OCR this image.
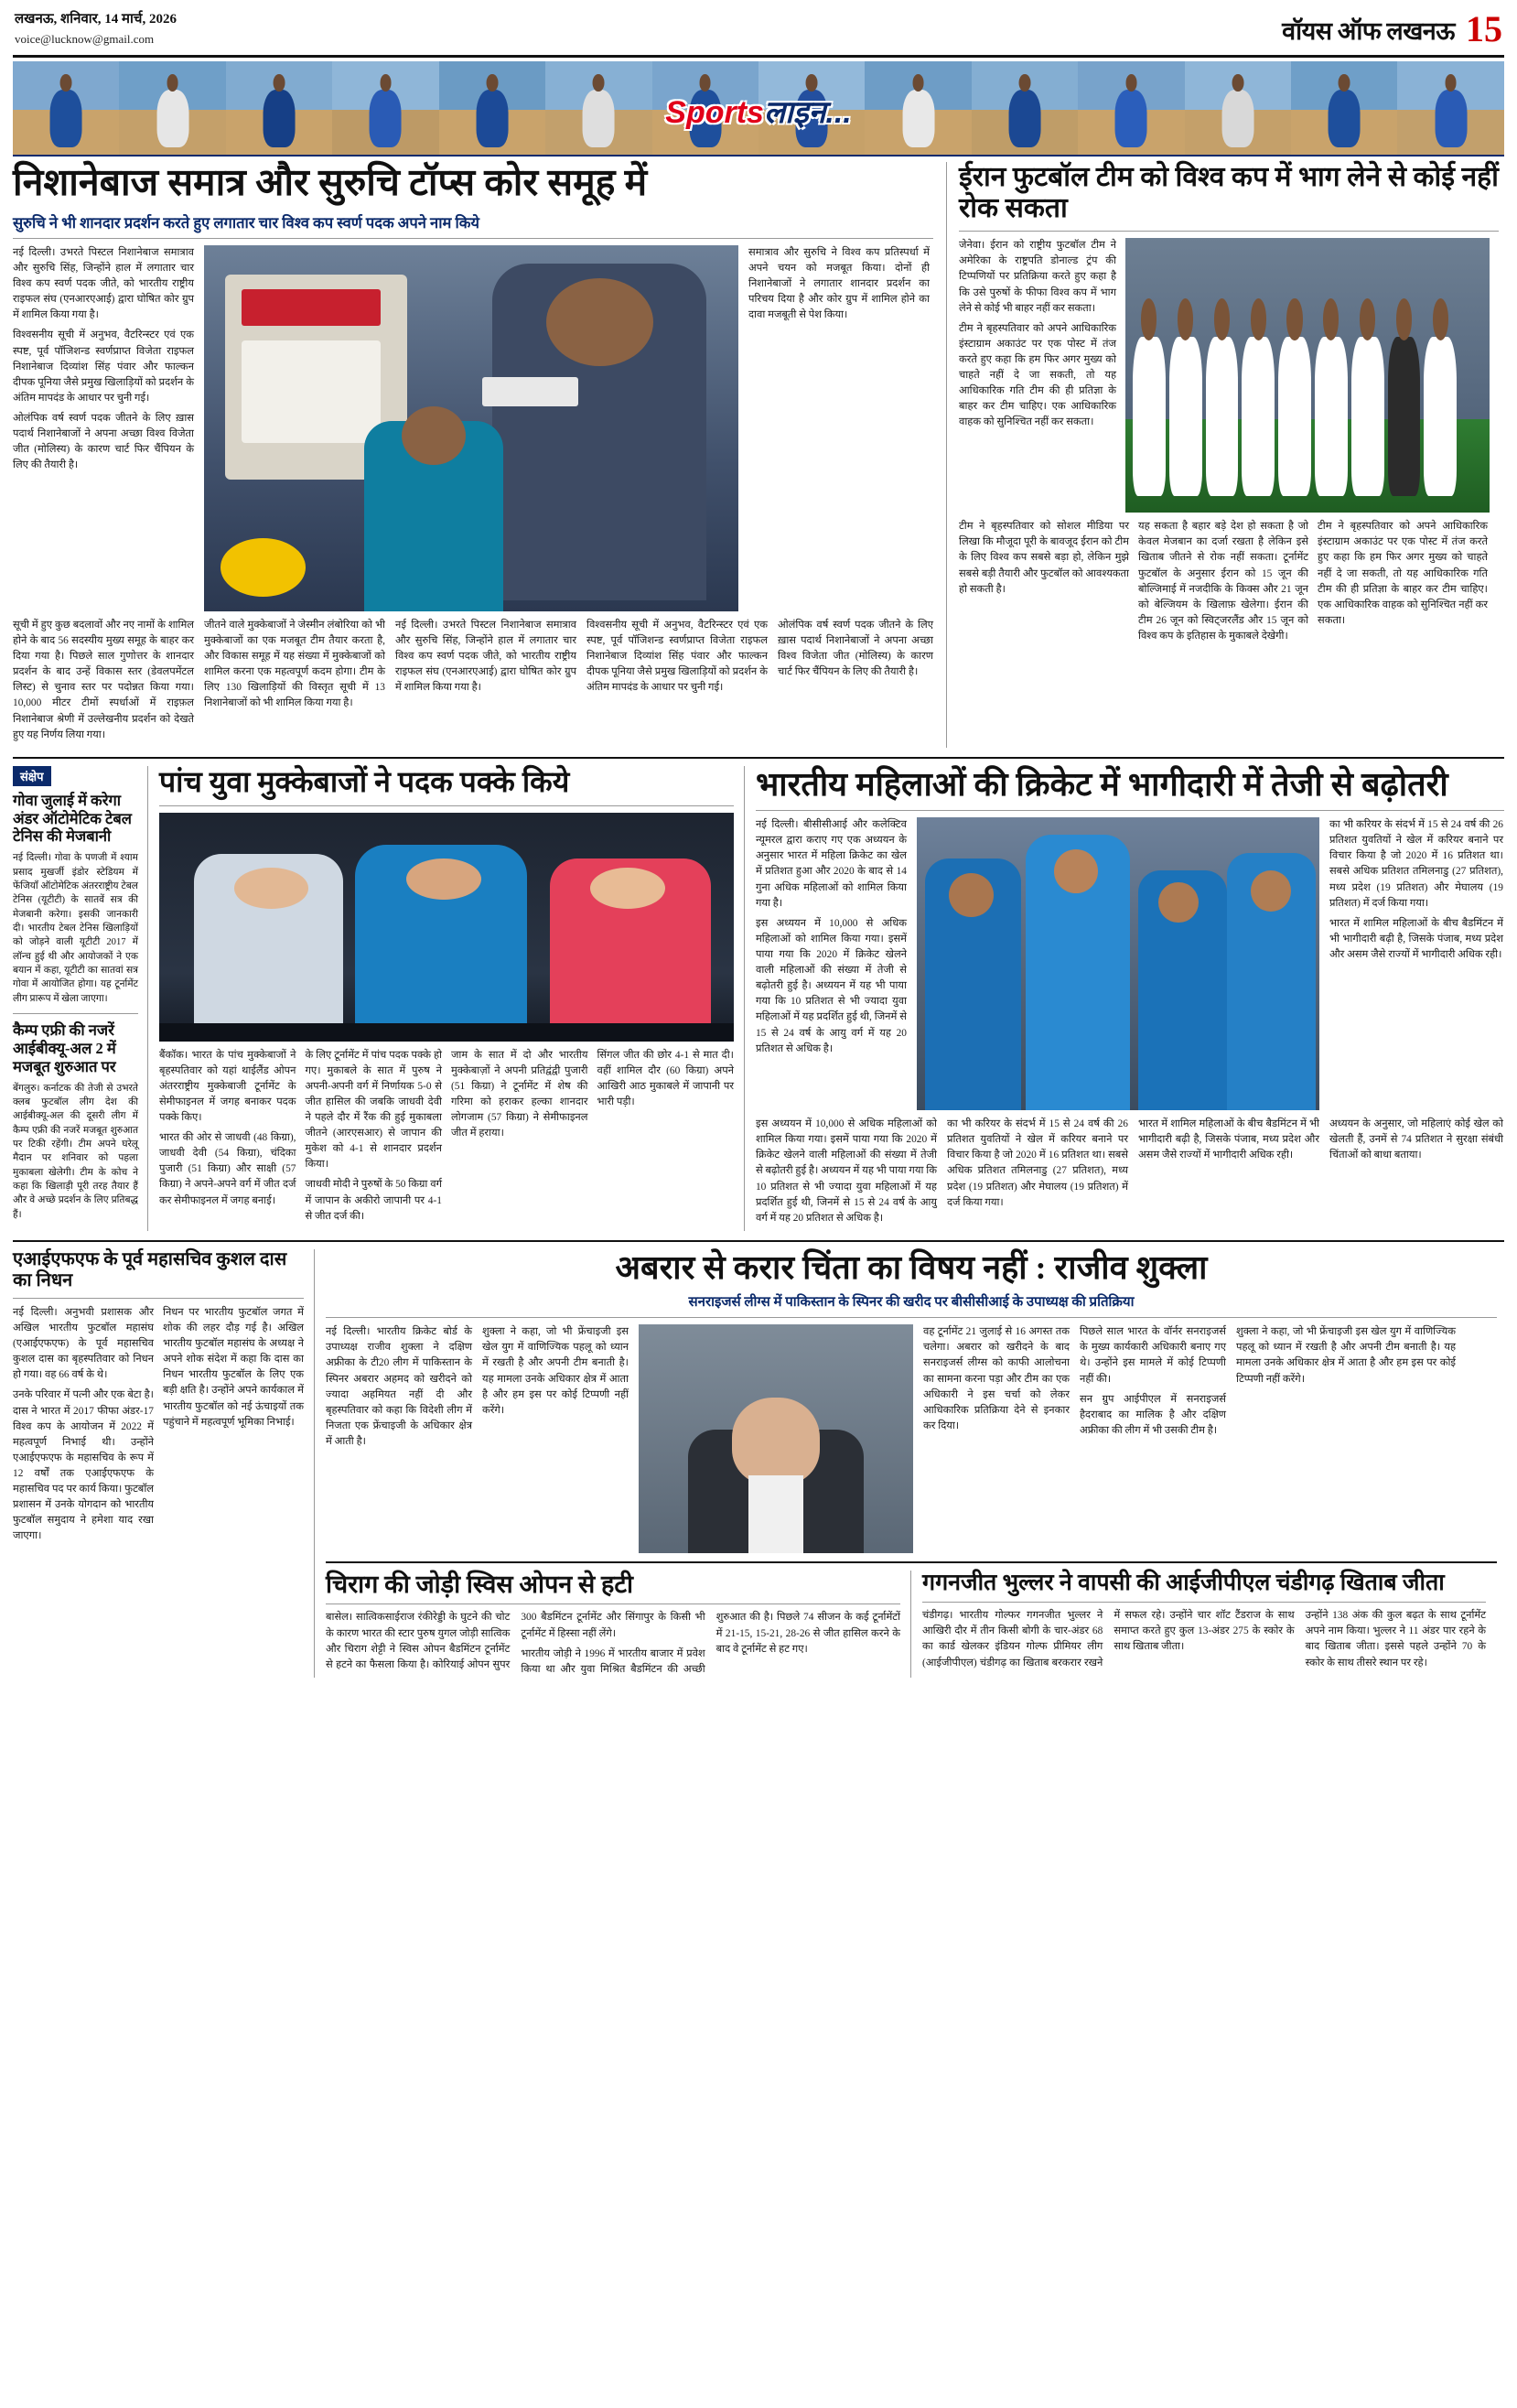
लखनऊ, शनिवार, 14 मार्च, 2026
voice@lucknow@gmail.com	वॉयस ऑफ लखनऊ 15
Sportsलाइन...
निशानेबाज समात्र और सुरुचि टॉप्स कोर समूह में
सुरुचि ने भी शानदार प्रदर्शन करते हुए लगातार चार विश्व कप स्वर्ण पदक अपने नाम किये

नई दिल्ली। उभरते पिस्टल निशानेबाज समात्राव और सुरुचि सिंह, जिन्होंने हाल में लगातार चार विश्व कप स्वर्ण पदक जीते, को भारतीय राष्ट्रीय राइफल संघ (एनआरएआई) द्वारा घोषित कोर ग्रुप में शामिल किया गया है।

विश्वसनीय सूची में अनुभव, वैटरिन्स्टर एवं एक स्पष्ट, पूर्व पॉजिशन्ड स्वर्णप्राप्त विजेता राइफल निशानेबाज दिव्यांश सिंह पंवार और फाल्कन दीपक पूनिया जैसे प्रमुख खिलाड़ियों को प्रदर्शन के अंतिम मापदंड के आधार पर चुनी गई।

ओलंपिक वर्ष स्वर्ण पदक जीतने के लिए ख़ास पदार्थ निशानेबाजों ने अपना अच्छा विश्व विजेता जीत (मोलिस्य) के कारण चार्ट फिर चैंपियन के लिए की तैयारी है।

समात्राव और सुरुचि ने विश्व कप प्रतिस्पर्धा में अपने चयन को मजबूत किया। दोनों ही निशानेबाजों ने लगातार शानदार प्रदर्शन का परिचय दिया है और कोर ग्रुप में शामिल होने का दावा मजबूती से पेश किया।

सूची में हुए कुछ बदलावों और नए नामों के शामिल होने के बाद 56 सदस्यीय मुख्य समूह के बाहर कर दिया गया है। पिछले साल गुणोत्तर के शानदार प्रदर्शन के बाद उन्हें विकास स्तर (डेवलपमेंटल लिस्ट) से चुनाव स्तर पर पदोन्नत किया गया। 10,000 मीटर टीमों स्पर्धाओं में राइफ़ल निशानेबाज श्रेणी में उल्लेखनीय प्रदर्शन को देखते हुए यह निर्णय लिया गया।

जीतने वाले मुक्केबाजों ने जेस्मीन लंबोरिया को भी मुक्केबाजों का एक मजबूत टीम तैयार करता है, और विकास समूह में यह संख्या में मुक्केबाजों को शामिल करना एक महत्वपूर्ण कदम होगा। टीम के लिए 130 खिलाड़ियों की विस्तृत सूची में 13 निशानेबाजों को भी शामिल किया गया है।

नई दिल्ली। उभरते पिस्टल निशानेबाज समात्राव और सुरुचि सिंह, जिन्होंने हाल में लगातार चार विश्व कप स्वर्ण पदक जीते, को भारतीय राष्ट्रीय राइफल संघ (एनआरएआई) द्वारा घोषित कोर ग्रुप में शामिल किया गया है।

विश्वसनीय सूची में अनुभव, वैटरिन्स्टर एवं एक स्पष्ट, पूर्व पॉजिशन्ड स्वर्णप्राप्त विजेता राइफल निशानेबाज दिव्यांश सिंह पंवार और फाल्कन दीपक पूनिया जैसे प्रमुख खिलाड़ियों को प्रदर्शन के अंतिम मापदंड के आधार पर चुनी गई।

ओलंपिक वर्ष स्वर्ण पदक जीतने के लिए ख़ास पदार्थ निशानेबाजों ने अपना अच्छा विश्व विजेता जीत (मोलिस्य) के कारण चार्ट फिर चैंपियन के लिए की तैयारी है।

ईरान फुटबॉल टीम को विश्व कप में भाग लेने से कोई नहीं रोक सकता

जेनेवा। ईरान को राष्ट्रीय फुटबॉल टीम ने अमेरिका के राष्ट्रपति डोनाल्ड ट्रंप की टिप्पणियों पर प्रतिक्रिया करते हुए कहा है कि उसे पुरुषों के फीफा विश्व कप में भाग लेने से कोई भी बाहर नहीं कर सकता।

टीम ने बृहस्पतिवार को अपने आधिकारिक इंस्टाग्राम अकाउंट पर एक पोस्ट में तंज करते हुए कहा कि हम फिर अगर मुख्य को चाहते नहीं दे जा सकती, तो यह आधिकारिक गति टीम की ही प्रतिज्ञा के बाहर कर टीम चाहिए। एक आधिकारिक वाहक को सुनिश्चित नहीं कर सकता।

टीम ने बृहस्पतिवार को सोशल मीडिया पर लिखा कि मौजूदा पूरी के बावजूद ईरान को टीम के लिए विश्व कप सबसे बड़ा हो, लेकिन मुझे सबसे बड़ी तैयारी और फुटबॉल को आवश्यकता हो सकती है।

यह सकता है बहार बड़े देश हो सकता है जो केवल मेजबान का दर्जा रखता है लेकिन इसे खिताब जीतने से रोक नहीं सकता। टूर्नामेंट फुटबॉल के अनुसार ईरान को 15 जून की बोल्जिमाई में नजदीकि के किक्स और 21 जून को बेल्जियम के खिलाफ़ खेलेगा। ईरान की टीम 26 जून को स्विट्जरलैंड और 15 जून को विश्व कप के इतिहास के मुकाबले देखेगी।

टीम ने बृहस्पतिवार को अपने आधिकारिक इंस्टाग्राम अकाउंट पर एक पोस्ट में तंज करते हुए कहा कि हम फिर अगर मुख्य को चाहते नहीं दे जा सकती, तो यह आधिकारिक गति टीम की ही प्रतिज्ञा के बाहर कर टीम चाहिए। एक आधिकारिक वाहक को सुनिश्चित नहीं कर सकता।

संक्षेप
गोवा जुलाई में करेगा अंडर ऑटोमेटिक टेबल टेनिस की मेजबानी
नई दिल्ली। गोवा के पणजी में श्याम प्रसाद मुखर्जी इंडोर स्टेडियम में फेंजियाँ ऑटोमेटिक अंतरराष्ट्रीय टेबल टेनिस (यूटीटी) के सातवें सत्र की मेजबानी करेगा। इसकी जानकारी दी। भारतीय टेबल टेनिस खिलाड़ियों को जोड़ने वाली यूटीटी 2017 में लॉन्च हुई थी और आयोजकों ने एक बयान में कहा, यूटीटी का सातवां सत्र गोवा में आयोजित होगा। यह टूर्नामेंट लीग प्रारूप में खेला जाएगा।
कैम्प एफ्री की नजरें आईबीक्यू-अल 2 में मजबूत शुरुआत पर
बेंगलुरु। कर्नाटक की तेजी से उभरते क्लब फुटबॉल लीग देश की आईबीक्यू-अल की दूसरी लीग में कैम्प एफ्री की नजरें मजबूत शुरुआत पर टिकी रहेंगी। टीम अपने घरेलू मैदान पर शनिवार को पहला मुकाबला खेलेगी। टीम के कोच ने कहा कि खिलाड़ी पूरी तरह तैयार हैं और वे अच्छे प्रदर्शन के लिए प्रतिबद्ध हैं।
पांच युवा मुक्केबाजों ने पदक पक्के किये

बैंकॉक। भारत के पांच मुक्केबाजों ने बृहस्पतिवार को यहां थाईलैंड ओपन अंतरराष्ट्रीय मुक्केबाजी टूर्नामेंट के सेमीफाइनल में जगह बनाकर पदक पक्के किए।

भारत की ओर से जाधवी (48 किग्रा), जाधवी देवी (54 किग्रा), चंदिका पुजारी (51 किग्रा) और साक्षी (57 किग्रा) ने अपने-अपने वर्ग में जीत दर्ज कर सेमीफाइनल में जगह बनाई।

के लिए टूर्नामेंट में पांच पदक पक्के हो गए। मुकाबले के सात में पुरुष ने अपनी-अपनी वर्ग में निर्णायक 5-0 से जीत हासिल की जबकि जाधवी देवी ने पहले दौर में रैंक की हुई मुकाबला जीतने (आरएसआर) से जापान की मुकेश को 4-1 से शानदार प्रदर्शन किया।

जाधवी मोदी ने पुरुषों के 50 किग्रा वर्ग में जापान के अकीरो जापानी पर 4-1 से जीत दर्ज की।

जाम के सात में दो और भारतीय मुक्केबाज़ों ने अपनी प्रतिद्वंद्वी पुजारी (51 किग्रा) ने टूर्नामेंट में शेष की गरिमा को हराकर हल्का शानदार लोगजाम (57 किग्रा) ने सेमीफाइनल जीत में हराया।

सिंगल जीत की छोर 4-1 से मात दी। वहीं शामिल दौर (60 किग्रा) अपने आखिरी आठ मुकाबले में जापानी पर भारी पड़ी।

भारतीय महिलाओं की क्रिकेट में भागीदारी में तेजी से बढ़ोतरी

नई दिल्ली। बीसीसीआई और कलेक्टिव न्यूमरल द्वारा कराए गए एक अध्ययन के अनुसार भारत में महिला क्रिकेट का खेल में प्रतिशत हुआ और 2020 के बाद से 14 गुना अधिक महिलाओं को शामिल किया गया है।

इस अध्ययन में 10,000 से अधिक महिलाओं को शामिल किया गया। इसमें पाया गया कि 2020 में क्रिकेट खेलने वाली महिलाओं की संख्या में तेजी से बढ़ोतरी हुई है। अध्ययन में यह भी पाया गया कि 10 प्रतिशत से भी ज्यादा युवा महिलाओं में यह प्रदर्शित हुई थी, जिनमें से 15 से 24 वर्ष के आयु वर्ग में यह 20 प्रतिशत से अधिक है।

का भी करियर के संदर्भ में 15 से 24 वर्ष की 26 प्रतिशत युवतियों ने खेल में करियर बनाने पर विचार किया है जो 2020 में 16 प्रतिशत था। सबसे अधिक प्रतिशत तमिलनाडु (27 प्रतिशत), मध्य प्रदेश (19 प्रतिशत) और मेघालय (19 प्रतिशत) में दर्ज किया गया।

भारत में शामिल महिलाओं के बीच बैडमिंटन में भी भागीदारी बढ़ी है, जिसके पंजाब, मध्य प्रदेश और असम जैसे राज्यों में भागीदारी अधिक रही।

इस अध्ययन में 10,000 से अधिक महिलाओं को शामिल किया गया। इसमें पाया गया कि 2020 में क्रिकेट खेलने वाली महिलाओं की संख्या में तेजी से बढ़ोतरी हुई है। अध्ययन में यह भी पाया गया कि 10 प्रतिशत से भी ज्यादा युवा महिलाओं में यह प्रदर्शित हुई थी, जिनमें से 15 से 24 वर्ष के आयु वर्ग में यह 20 प्रतिशत से अधिक है।

का भी करियर के संदर्भ में 15 से 24 वर्ष की 26 प्रतिशत युवतियों ने खेल में करियर बनाने पर विचार किया है जो 2020 में 16 प्रतिशत था। सबसे अधिक प्रतिशत तमिलनाडु (27 प्रतिशत), मध्य प्रदेश (19 प्रतिशत) और मेघालय (19 प्रतिशत) में दर्ज किया गया।

भारत में शामिल महिलाओं के बीच बैडमिंटन में भी भागीदारी बढ़ी है, जिसके पंजाब, मध्य प्रदेश और असम जैसे राज्यों में भागीदारी अधिक रही।

अध्ययन के अनुसार, जो महिलाएं कोई खेल को खेलती हैं, उनमें से 74 प्रतिशत ने सुरक्षा संबंधी चिंताओं को बाधा बताया।

एआईएफएफ के पूर्व महासचिव कुशल दास का निधन

नई दिल्ली। अनुभवी प्रशासक और अखिल भारतीय फुटबॉल महासंघ (एआईएफएफ) के पूर्व महासचिव कुशल दास का बृहस्पतिवार को निधन हो गया। वह 66 वर्ष के थे।

उनके परिवार में पत्नी और एक बेटा है। दास ने भारत में 2017 फीफा अंडर-17 विश्व कप के आयोजन में 2022 में महत्वपूर्ण निभाई थी। उन्होंने एआईएफएफ के महासचिव के रूप में 12 वर्षों तक एआईएफएफ के महासचिव पद पर कार्य किया। फुटबॉल प्रशासन में उनके योगदान को भारतीय फुटबॉल समुदाय ने हमेशा याद रखा जाएगा।

निधन पर भारतीय फुटबॉल जगत में शोक की लहर दौड़ गई है। अखिल भारतीय फुटबॉल महासंघ के अध्यक्ष ने अपने शोक संदेश में कहा कि दास का निधन भारतीय फुटबॉल के लिए एक बड़ी क्षति है। उन्होंने अपने कार्यकाल में भारतीय फुटबॉल को नई ऊंचाइयों तक पहुंचाने में महत्वपूर्ण भूमिका निभाई।

अबरार से करार चिंता का विषय नहीं : राजीव शुक्ला
सनराइजर्स लीग्स में पाकिस्तान के स्पिनर की खरीद पर बीसीसीआई के उपाध्यक्ष की प्रतिक्रिया

नई दिल्ली। भारतीय क्रिकेट बोर्ड के उपाध्यक्ष राजीव शुक्ला ने दक्षिण अफ्रीका के टी20 लीग में पाकिस्तान के स्पिनर अबरार अहमद को खरीदने को ज्यादा अहमियत नहीं दी और बृहस्पतिवार को कहा कि विदेशी लीग में निजता एक फ्रेंचाइजी के अधिकार क्षेत्र में आती है।

शुक्ला ने कहा, जो भी फ्रेंचाइजी इस खेल युग में वाणिज्यिक पहलू को ध्यान में रखती है और अपनी टीम बनाती है। यह मामला उनके अधिकार क्षेत्र में आता है और हम इस पर कोई टिप्पणी नहीं करेंगे।

वह टूर्नामेंट 21 जुलाई से 16 अगस्त तक चलेगा। अबरार को खरीदने के बाद सनराइजर्स लीग्स को काफी आलोचना का सामना करना पड़ा और टीम का एक अधिकारी ने इस चर्चा को लेकर आधिकारिक प्रतिक्रिया देने से इनकार कर दिया।

पिछले साल भारत के वॉर्नर सनराइजर्स के मुख्य कार्यकारी अधिकारी बनाए गए थे। उन्होंने इस मामले में कोई टिप्पणी नहीं की।

सन ग्रुप आईपीएल में सनराइजर्स हैदराबाद का मालिक है और दक्षिण अफ्रीका की लीग में भी उसकी टीम है।

शुक्ला ने कहा, जो भी फ्रेंचाइजी इस खेल युग में वाणिज्यिक पहलू को ध्यान में रखती है और अपनी टीम बनाती है। यह मामला उनके अधिकार क्षेत्र में आता है और हम इस पर कोई टिप्पणी नहीं करेंगे।

चिराग की जोड़ी स्विस ओपन से हटी

बासेल। सात्विकसाईराज रंकीरेड्डी के घुटने की चोट के कारण भारत की स्टार पुरुष युगल जोड़ी सात्विक और चिराग शेट्टी ने स्विस ओपन बैडमिंटन टूर्नामेंट से हटने का फैसला किया है। कोरियाई ओपन सुपर 300 बैडमिंटन टूर्नामेंट और सिंगापुर के किसी भी टूर्नामेंट में हिस्सा नहीं लेंगे।

भारतीय जोड़ी ने 1996 में भारतीय बाजार में प्रवेश किया था और युवा मिश्रित बैडमिंटन की अच्छी शुरुआत की है। पिछले 74 सीजन के कई टूर्नामेंटों में 21-15, 15-21, 28-26 से जीत हासिल करने के बाद वे टूर्नामेंट से हट गए।

गगनजीत भुल्लर ने वापसी की आईजीपीएल चंडीगढ़ खिताब जीता

चंडीगढ़। भारतीय गोल्फर गगनजीत भुल्लर ने आखिरी दौर में तीन किसी बोगी के चार-अंडर 68 का कार्ड खेलकर इंडियन गोल्फ प्रीमियर लीग (आईजीपीएल) चंडीगढ़ का खिताब बरकरार रखने में सफल रहे। उन्होंने चार शॉट टैंडराज के साथ समाप्त करते हुए कुल 13-अंडर 275 के स्कोर के साथ खिताब जीता।

उन्होंने 138 अंक की कुल बढ़त के साथ टूर्नामेंट अपने नाम किया। भुल्लर ने 11 अंडर पार रहने के बाद खिताब जीता। इससे पहले उन्होंने 70 के स्कोर के साथ तीसरे स्थान पर रहे।
